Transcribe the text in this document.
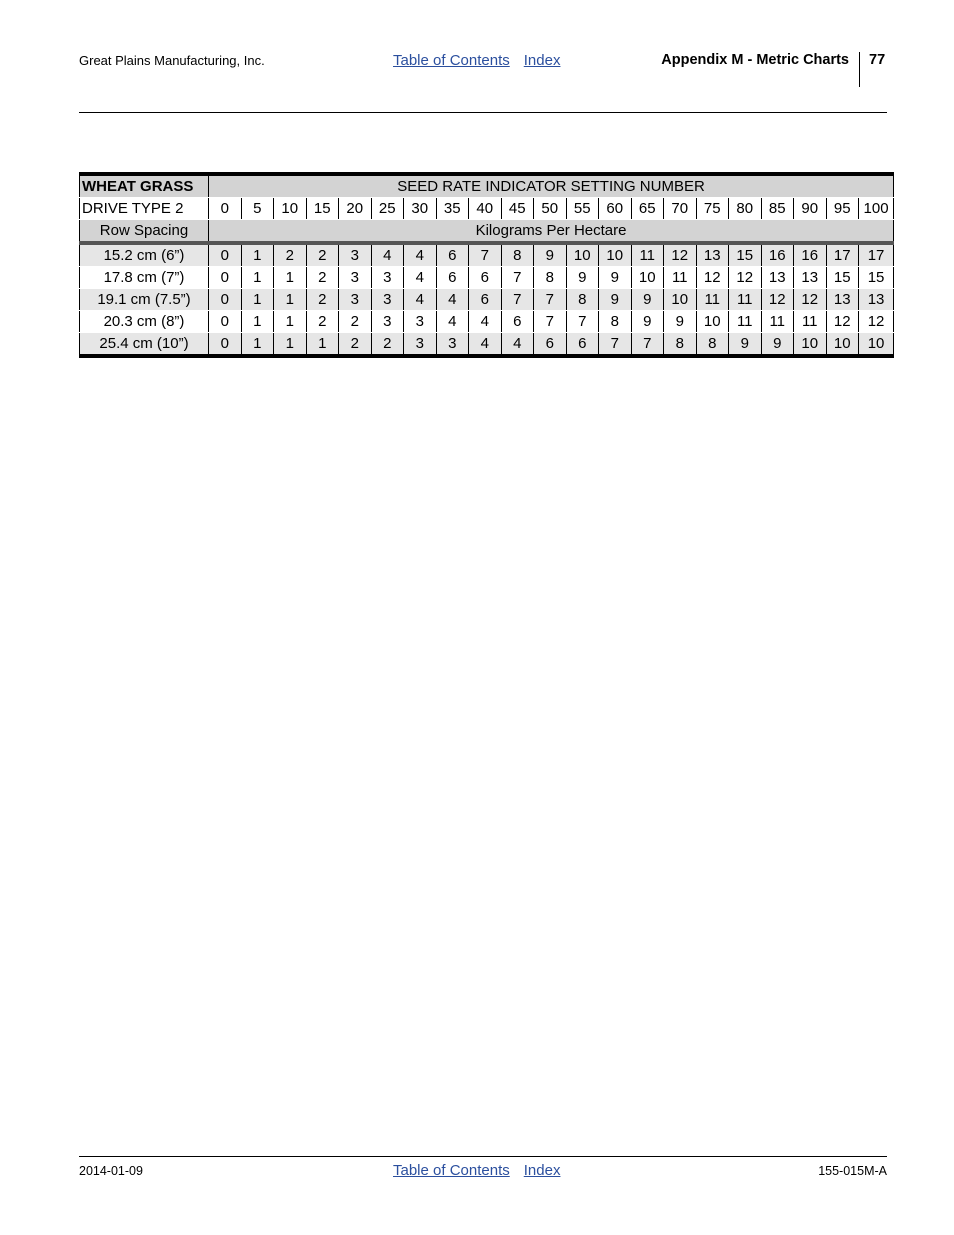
Great Plains Manufacturing, Inc.	Table of Contents Index	Appendix M - Metric Charts 77
WHEAT GRASS	SEED RATE INDICATOR SETTING NUMBER																				
DRIVE TYPE 2	0	5	10	15	20	25	30	35	40	45	50	55	60	65	70	75	80	85	90	95	100
Row Spacing	Kilograms Per Hectare																				
15.2 cm (6”)	0	1	2	2	3	4	4	6	7	8	9	10	10	11	12	13	15	16	16	17	17
17.8 cm (7”)	0	1	1	2	3	3	4	6	6	7	8	9	9	10	11	12	12	13	13	15	15
19.1 cm (7.5”)	0	1	1	2	3	3	4	4	6	7	7	8	9	9	10	11	11	12	12	13	13
20.3 cm (8”)	0	1	1	2	2	3	3	4	4	6	7	7	8	9	9	10	11	11	11	12	12
25.4 cm (10”)	0	1	1	1	2	2	3	3	4	4	6	6	7	7	8	8	9	9	10	10	10
2014-01-09	Table of Contents Index	155-015M-A
